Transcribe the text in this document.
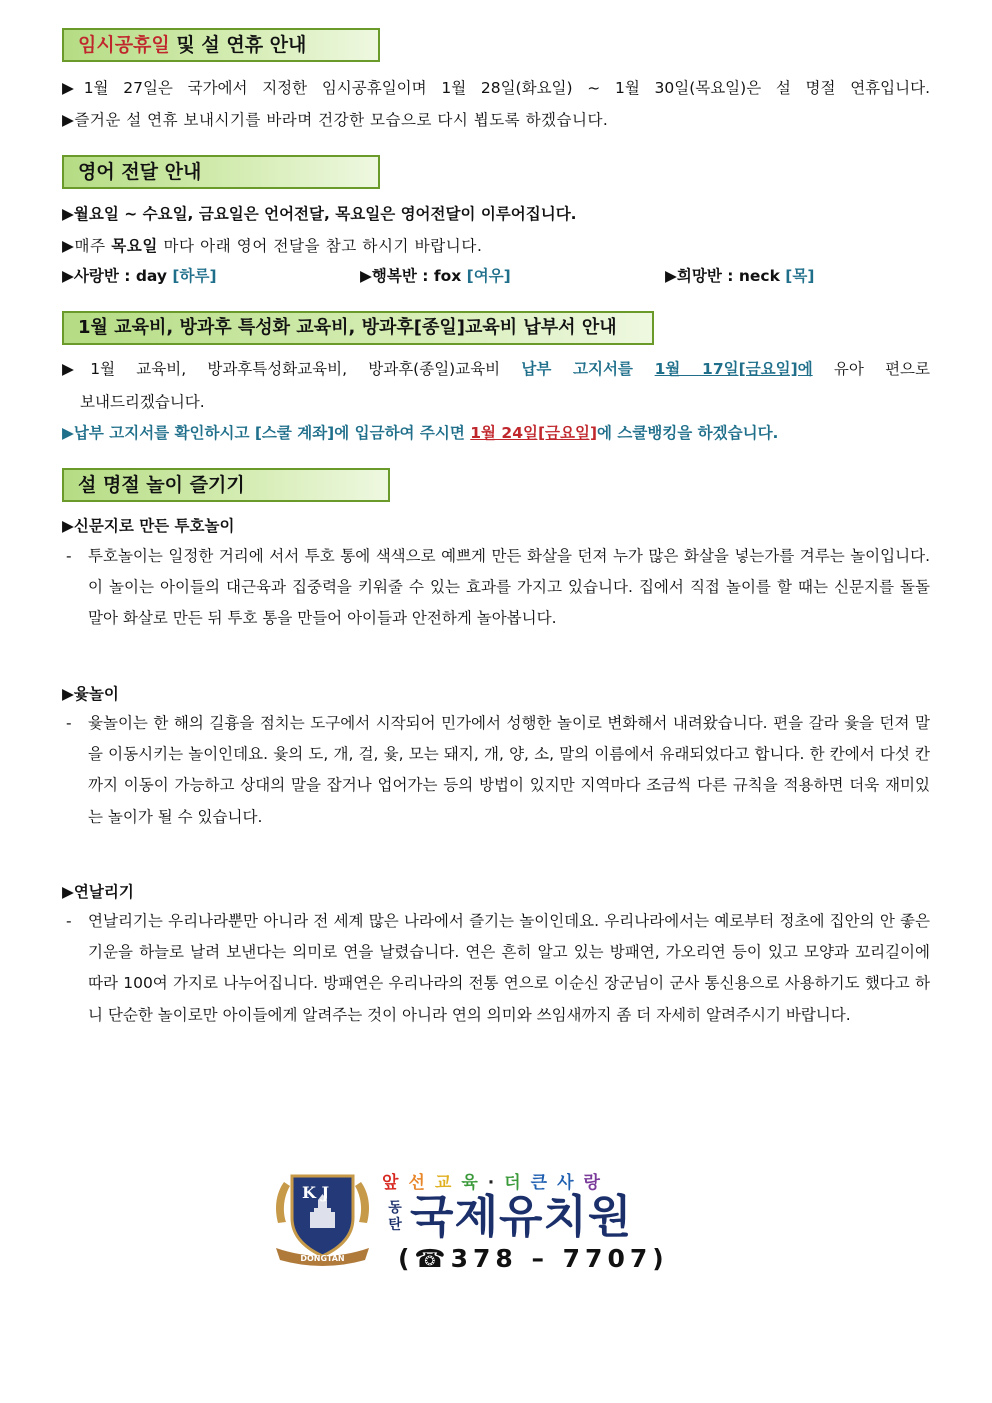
임시공휴일 및 설 연휴 안내
▶1월 27일은 국가에서 지정한 임시공휴일이며 1월 28일(화요일) ~ 1월 30일(목요일)은 설 명절 연휴입니다.
▶즐거운 설 연휴 보내시기를 바라며 건강한 모습으로 다시 뵙도록 하겠습니다.
영어 전달 안내
▶월요일 ~ 수요일, 금요일은 언어전달, 목요일은 영어전달이 이루어집니다.
▶매주 목요일 마다 아래 영어 전달을 참고 하시기 바랍니다.
▶사랑반 : day [하루]	▶행복반 : fox [여우]	▶희망반 : neck [목]
1월 교육비, 방과후 특성화 교육비, 방과후[종일]교육비 납부서 안내
▶1월 교육비, 방과후특성화교육비, 방과후(종일)교육비 납부 고지서를 1월 17일[금요일]에 유아 편으로
보내드리겠습니다.
▶납부 고지서를 확인하시고 [스쿨 계좌]에 입금하여 주시면 1월 24일[금요일]에 스쿨뱅킹을 하겠습니다.
설 명절 놀이 즐기기
▶신문지로 만든 투호놀이
- 투호놀이는 일정한 거리에 서서 투호 통에 색색으로 예쁘게 만든 화살을 던져 누가 많은 화살을 넣는가를 겨루는 놀이입니다. 이 놀이는 아이들의 대근육과 집중력을 키워줄 수 있는 효과를 가지고 있습니다. 집에서 직접 놀이를 할 때는 신문지를 돌돌 말아 화살로 만든 뒤 투호 통을 만들어 아이들과 안전하게 놀아봅니다.
▶윷놀이
- 윷놀이는 한 해의 길흉을 점치는 도구에서 시작되어 민가에서 성행한 놀이로 변화해서 내려왔습니다. 편을 갈라 윷을 던져 말을 이동시키는 놀이인데요. 윷의 도, 개, 걸, 윷, 모는 돼지, 개, 양, 소, 말의 이름에서 유래되었다고 합니다. 한 칸에서 다섯 칸까지 이동이 가능하고 상대의 말을 잡거나 업어가는 등의 방법이 있지만 지역마다 조금씩 다른 규칙을 적용하면 더욱 재미있는 놀이가 될 수 있습니다.
▶연날리기
- 연날리기는 우리나라뿐만 아니라 전 세계 많은 나라에서 즐기는 놀이인데요. 우리나라에서는 예로부터 정초에 집안의 안 좋은 기운을 하늘로 날려 보낸다는 의미로 연을 날렸습니다. 연은 흔히 알고 있는 방패연, 가오리연 등이 있고 모양과 꼬리길이에 따라 100여 가지로 나누어집니다. 방패연은 우리나라의 전통 연으로 이순신 장군님이 군사 통신용으로 사용하기도 했다고 하니 단순한 놀이로만 아이들에게 알려주는 것이 아니라 연의 의미와 쓰임새까지 좀 더 자세히 알려주시기 바랍니다.
K J
DONGTAN
앞 선 교 육 · 더 큰 사 랑
동
탄 국제유치원
(☎378 – 7707)
